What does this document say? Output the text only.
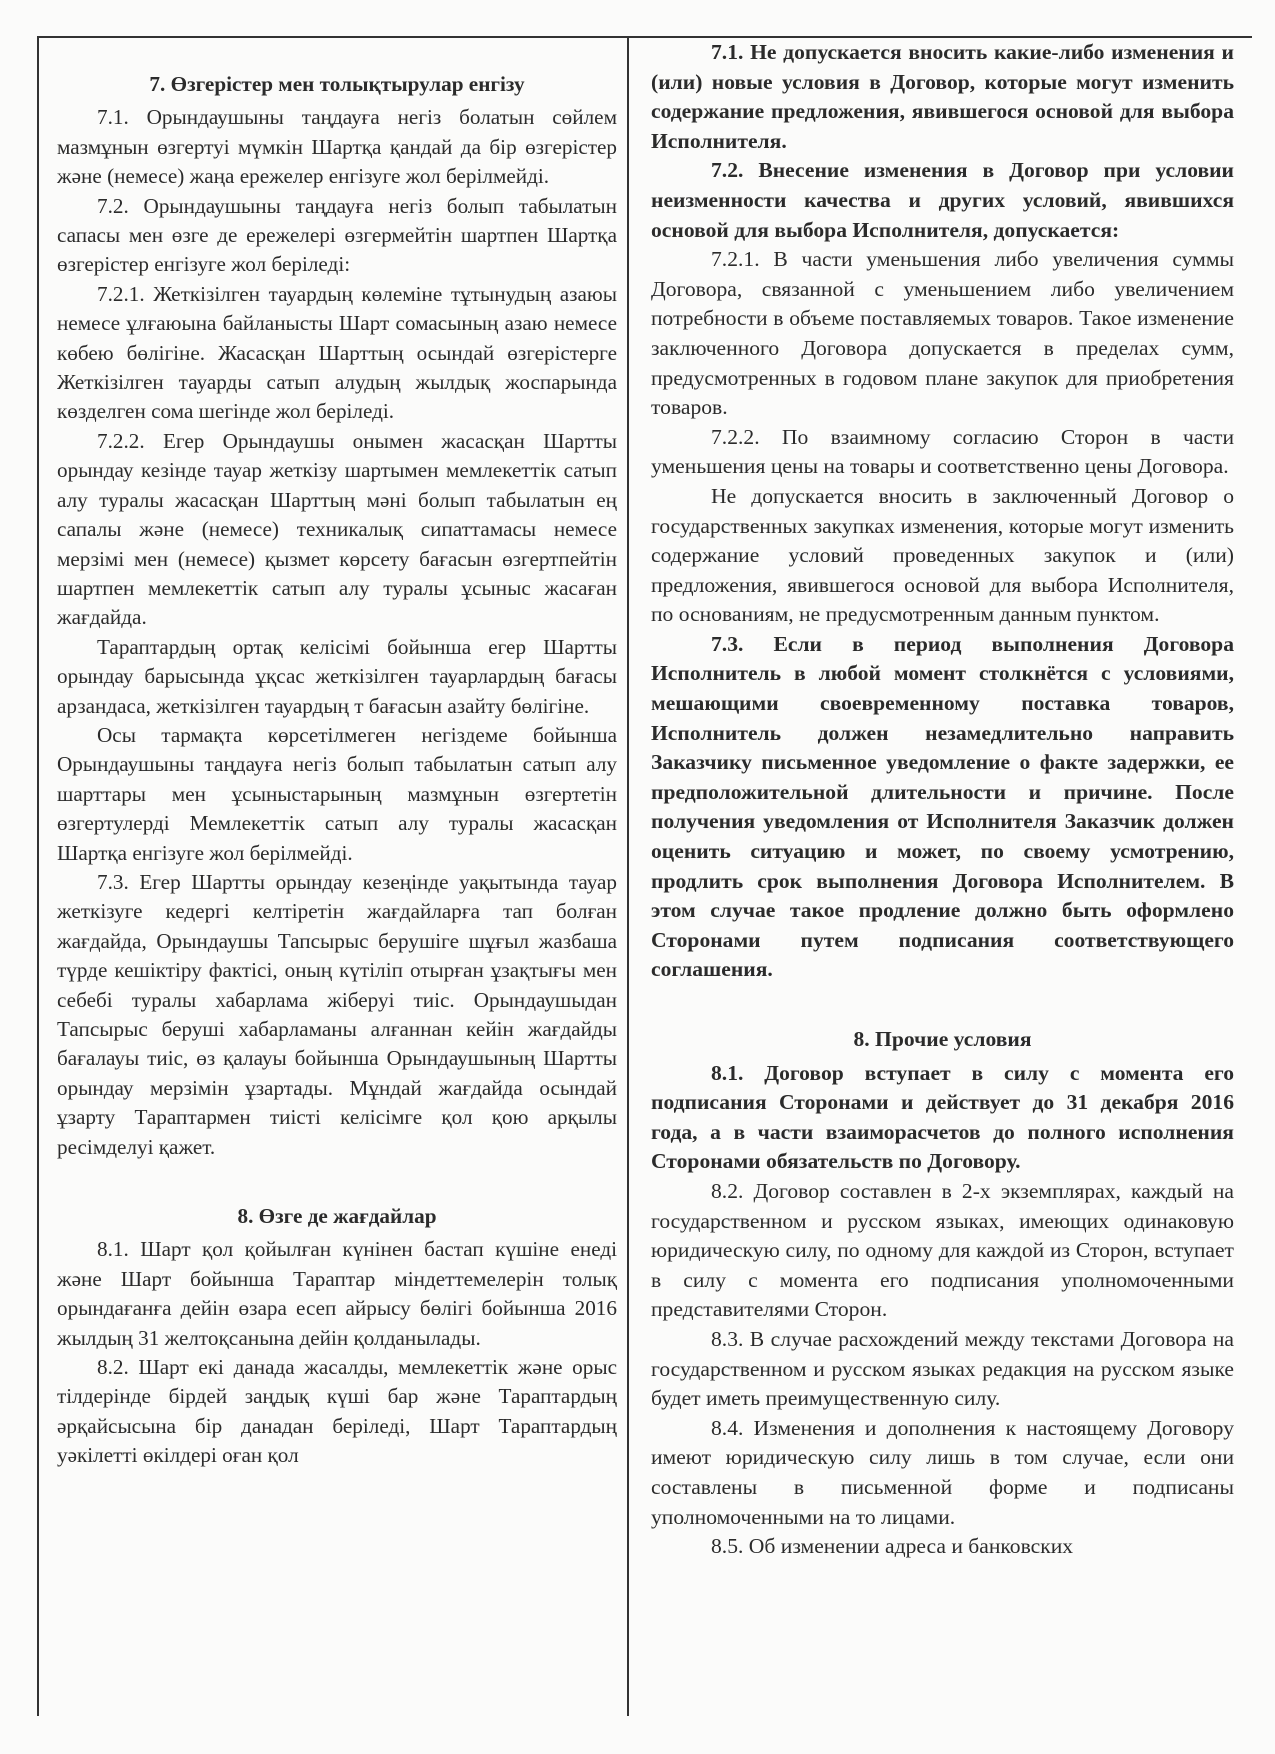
7. Өзгерістер мен толықтырулар енгізу

7.1. Орындаушыны таңдауға негіз болатын сөйлем мазмұнын өзгертуі мүмкін Шартқа қандай да бір өзгерістер және (немесе) жаңа ережелер енгізуге жол берілмейді.

7.2. Орындаушыны таңдауға негіз болып табылатын сапасы мен өзге де ережелері өзгермейтін шартпен Шартқа өзгерістер енгізуге жол беріледі:

7.2.1. Жеткізілген тауардың көлеміне тұтынудың азаюы немесе ұлғаюына байланысты Шарт сомасының азаю немесе көбею бөлігіне. Жасасқан Шарттың осындай өзгерістерге Жеткізілген тауарды сатып алудың жылдық жоспарында көзделген сома шегінде жол беріледі.

7.2.2. Егер Орындаушы онымен жасасқан Шартты орындау кезінде тауар жеткізу шартымен мемлекеттік сатып алу туралы жасасқан Шарттың мәні болып табылатын ең сапалы және (немесе) техникалық сипаттамасы немесе мерзімі мен (немесе) қызмет көрсету бағасын өзгертпейтін шартпен мемлекеттік сатып алу туралы ұсыныс жасаған жағдайда.

Тараптардың ортақ келісімі бойынша егер Шартты орындау барысында ұқсас жеткізілген тауарлардың бағасы арзандаса, жеткізілген тауардың т бағасын азайту бөлігіне.

Осы тармақта көрсетілмеген негіздеме бойынша Орындаушыны таңдауға негіз болып табылатын сатып алу шарттары мен ұсыныстарының мазмұнын өзгертетін өзгертулерді Мемлекеттік сатып алу туралы жасасқан Шартқа енгізуге жол берілмейді.

7.3. Егер Шартты орындау кезеңінде уақытында тауар жеткізуге кедергі келтіретін жағдайларға тап болған жағдайда, Орындаушы Тапсырыс берушіге шұғыл жазбаша түрде кешіктіру фактісі, оның күтіліп отырған ұзақтығы мен себебі туралы хабарлама жіберуі тиіс. Орындаушыдан Тапсырыс беруші хабарламаны алғаннан кейін жағдайды бағалауы тиіс, өз қалауы бойынша Орындаушының Шартты орындау мерзімін ұзартады. Мұндай жағдайда осындай ұзарту Тараптармен тиісті келісімге қол қою арқылы ресімделуі қажет.

8. Өзге де жағдайлар

8.1. Шарт қол қойылған күнінен бастап күшіне енеді және Шарт бойынша Тараптар міндеттемелерін толық орындағанға дейін өзара есеп айрысу бөлігі бойынша 2016 жылдың 31 желтоқсанына дейін қолданылады.

8.2. Шарт екі данада жасалды, мемлекеттік және орыс тілдерінде бірдей заңдық күші бар және Тараптардың әрқайсысына бір данадан беріледі, Шарт Тараптардың уәкілетті өкілдері оған қол

7.1. Не допускается вносить какие-либо изменения и (или) новые условия в Договор, которые могут изменить содержание предложения, явившегося основой для выбора Исполнителя.

7.2. Внесение изменения в Договор при условии неизменности качества и других условий, явившихся основой для выбора Исполнителя, допускается:

7.2.1. В части уменьшения либо увеличения суммы Договора, связанной с уменьшением либо увеличением потребности в объеме поставляемых товаров. Такое изменение заключенного Договора допускается в пределах сумм, предусмотренных в годовом плане закупок для приобретения товаров.

7.2.2. По взаимному согласию Сторон в части уменьшения цены на товары и соответственно цены Договора.

Не допускается вносить в заключенный Договор о государственных закупках изменения, которые могут изменить содержание условий проведенных закупок и (или) предложения, явившегося основой для выбора Исполнителя, по основаниям, не предусмотренным данным пунктом.

7.3. Если в период выполнения Договора Исполнитель в любой момент столкнётся с условиями, мешающими своевременному поставка товаров, Исполнитель должен незамедлительно направить Заказчику письменное уведомление о факте задержки, ее предположительной длительности и причине. После получения уведомления от Исполнителя Заказчик должен оценить ситуацию и может, по своему усмотрению, продлить срок выполнения Договора Исполнителем. В этом случае такое продление должно быть оформлено Сторонами путем подписания соответствующего соглашения.

8. Прочие условия

8.1. Договор вступает в силу с момента его подписания Сторонами и действует до 31 декабря 2016 года, а в части взаиморасчетов до полного исполнения Сторонами обязательств по Договору.

8.2. Договор составлен в 2-х экземплярах, каждый на государственном и русском языках, имеющих одинаковую юридическую силу, по одному для каждой из Сторон, вступает в силу с момента его подписания уполномоченными представителями Сторон.

8.3. В случае расхождений между текстами Договора на государственном и русском языках редакция на русском языке будет иметь преимущественную силу.

8.4. Изменения и дополнения к настоящему Договору имеют юридическую силу лишь в том случае, если они составлены в письменной форме и подписаны уполномоченными на то лицами.

8.5. Об изменении адреса и банковских
